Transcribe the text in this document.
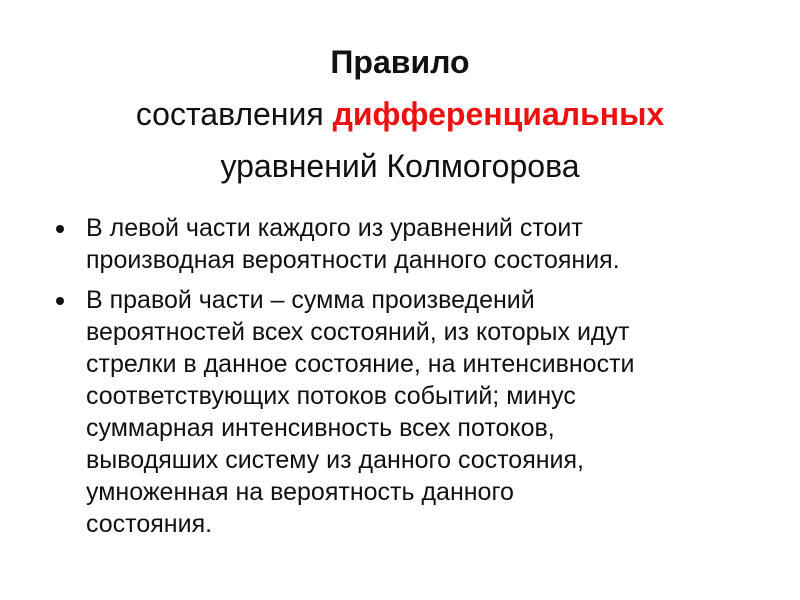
Правило
составления дифференциальных
уравнений Колмогорова
В левой части каждого из уравнений стоит
производная вероятности данного состояния.
В правой части – сумма произведений
вероятностей всех состояний, из которых идут
стрелки в данное состояние, на интенсивности
соответствующих потоков событий; минус
суммарная интенсивность всех потоков,
выводяших систему из данного состояния,
умноженная на вероятность данного
состояния.
